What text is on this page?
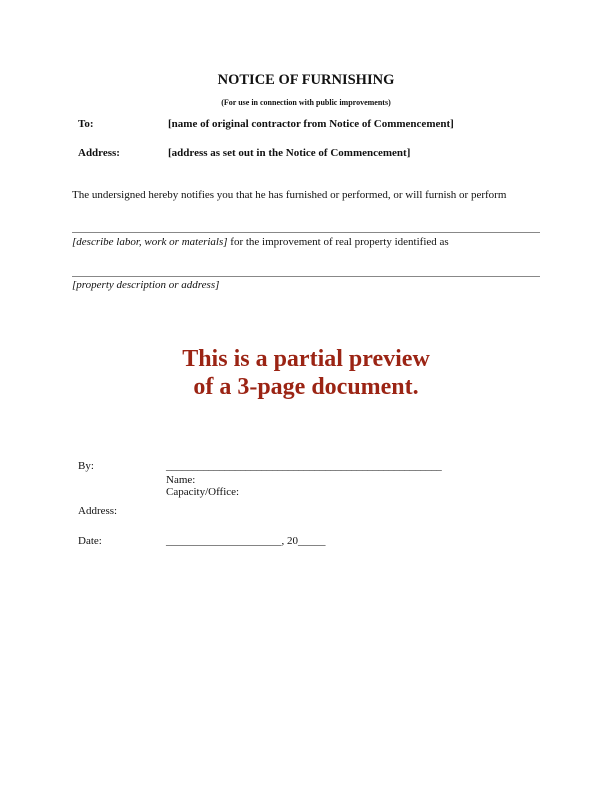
NOTICE OF FURNISHING
(For use in connection with public improvements)
To:	[name of original contractor from Notice of Commencement]
Address:	[address as set out in the Notice of Commencement]
The undersigned hereby notifies you that he has furnished or performed, or will furnish or perform
[describe labor, work or materials] for the improvement of real property identified as
[property description or address]
This is a partial preview
of a 3-page document.
By:	____________________________________________________
Name:
Capacity/Office:
Address:
Date:	_____________________, 20_____
